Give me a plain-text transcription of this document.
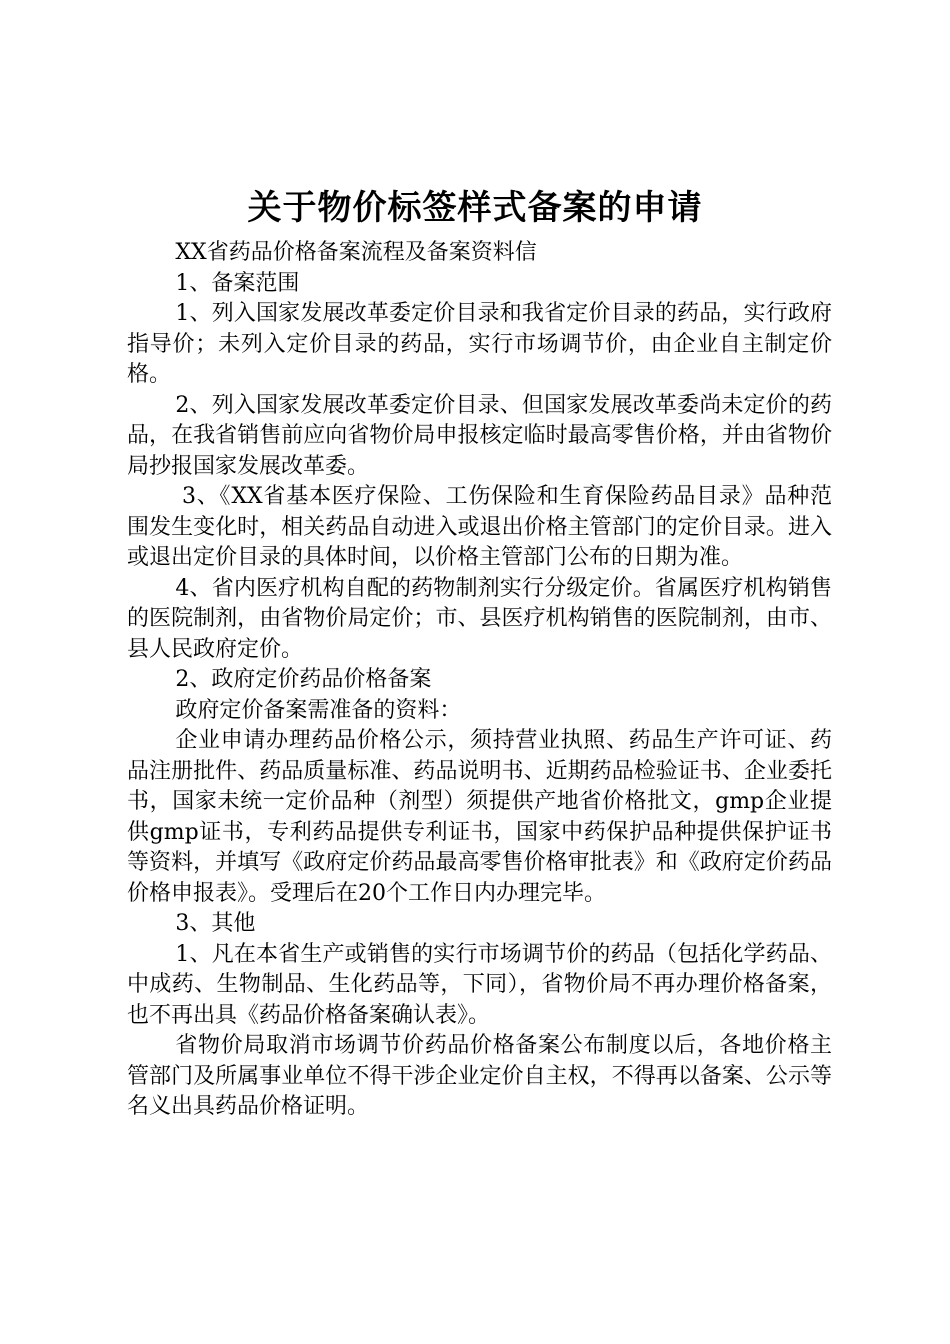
关于物价标签样式备案的申请

XX省药品价格备案流程及备案资料信

1、备案范围

1、列入国家发展改革委定价目录和我省定价目录的药品，实行政府指导价；未列入定价目录的药品，实行市场调节价，由企业自主制定价格。

2、列入国家发展改革委定价目录、但国家发展改革委尚未定价的药品，在我省销售前应向省物价局申报核定临时最高零售价格，并由省物价局抄报国家发展改革委。

3、《XX省基本医疗保险、工伤保险和生育保险药品目录》品种范围发生变化时，相关药品自动进入或退出价格主管部门的定价目录。进入或退出定价目录的具体时间，以价格主管部门公布的日期为准。

4、省内医疗机构自配的药物制剂实行分级定价。省属医疗机构销售的医院制剂，由省物价局定价；市、县医疗机构销售的医院制剂，由市、县人民政府定价。

2、政府定价药品价格备案

政府定价备案需准备的资料：

企业申请办理药品价格公示，须持营业执照、药品生产许可证、药品注册批件、药品质量标准、药品说明书、近期药品检验证书、企业委托书，国家未统一定价品种（剂型）须提供产地省价格批文，gmp企业提供gmp证书，专利药品提供专利证书，国家中药保护品种提供保护证书等资料，并填写《政府定价药品最高零售价格审批表》和《政府定价药品价格申报表》。受理后在20个工作日内办理完毕。

3、其他

1、凡在本省生产或销售的实行市场调节价的药品（包括化学药品、中成药、生物制品、生化药品等，下同），省物价局不再办理价格备案，也不再出具《药品价格备案确认表》。

省物价局取消市场调节价药品价格备案公布制度以后，各地价格主管部门及所属事业单位不得干涉企业定价自主权，不得再以备案、公示等名义出具药品价格证明。
